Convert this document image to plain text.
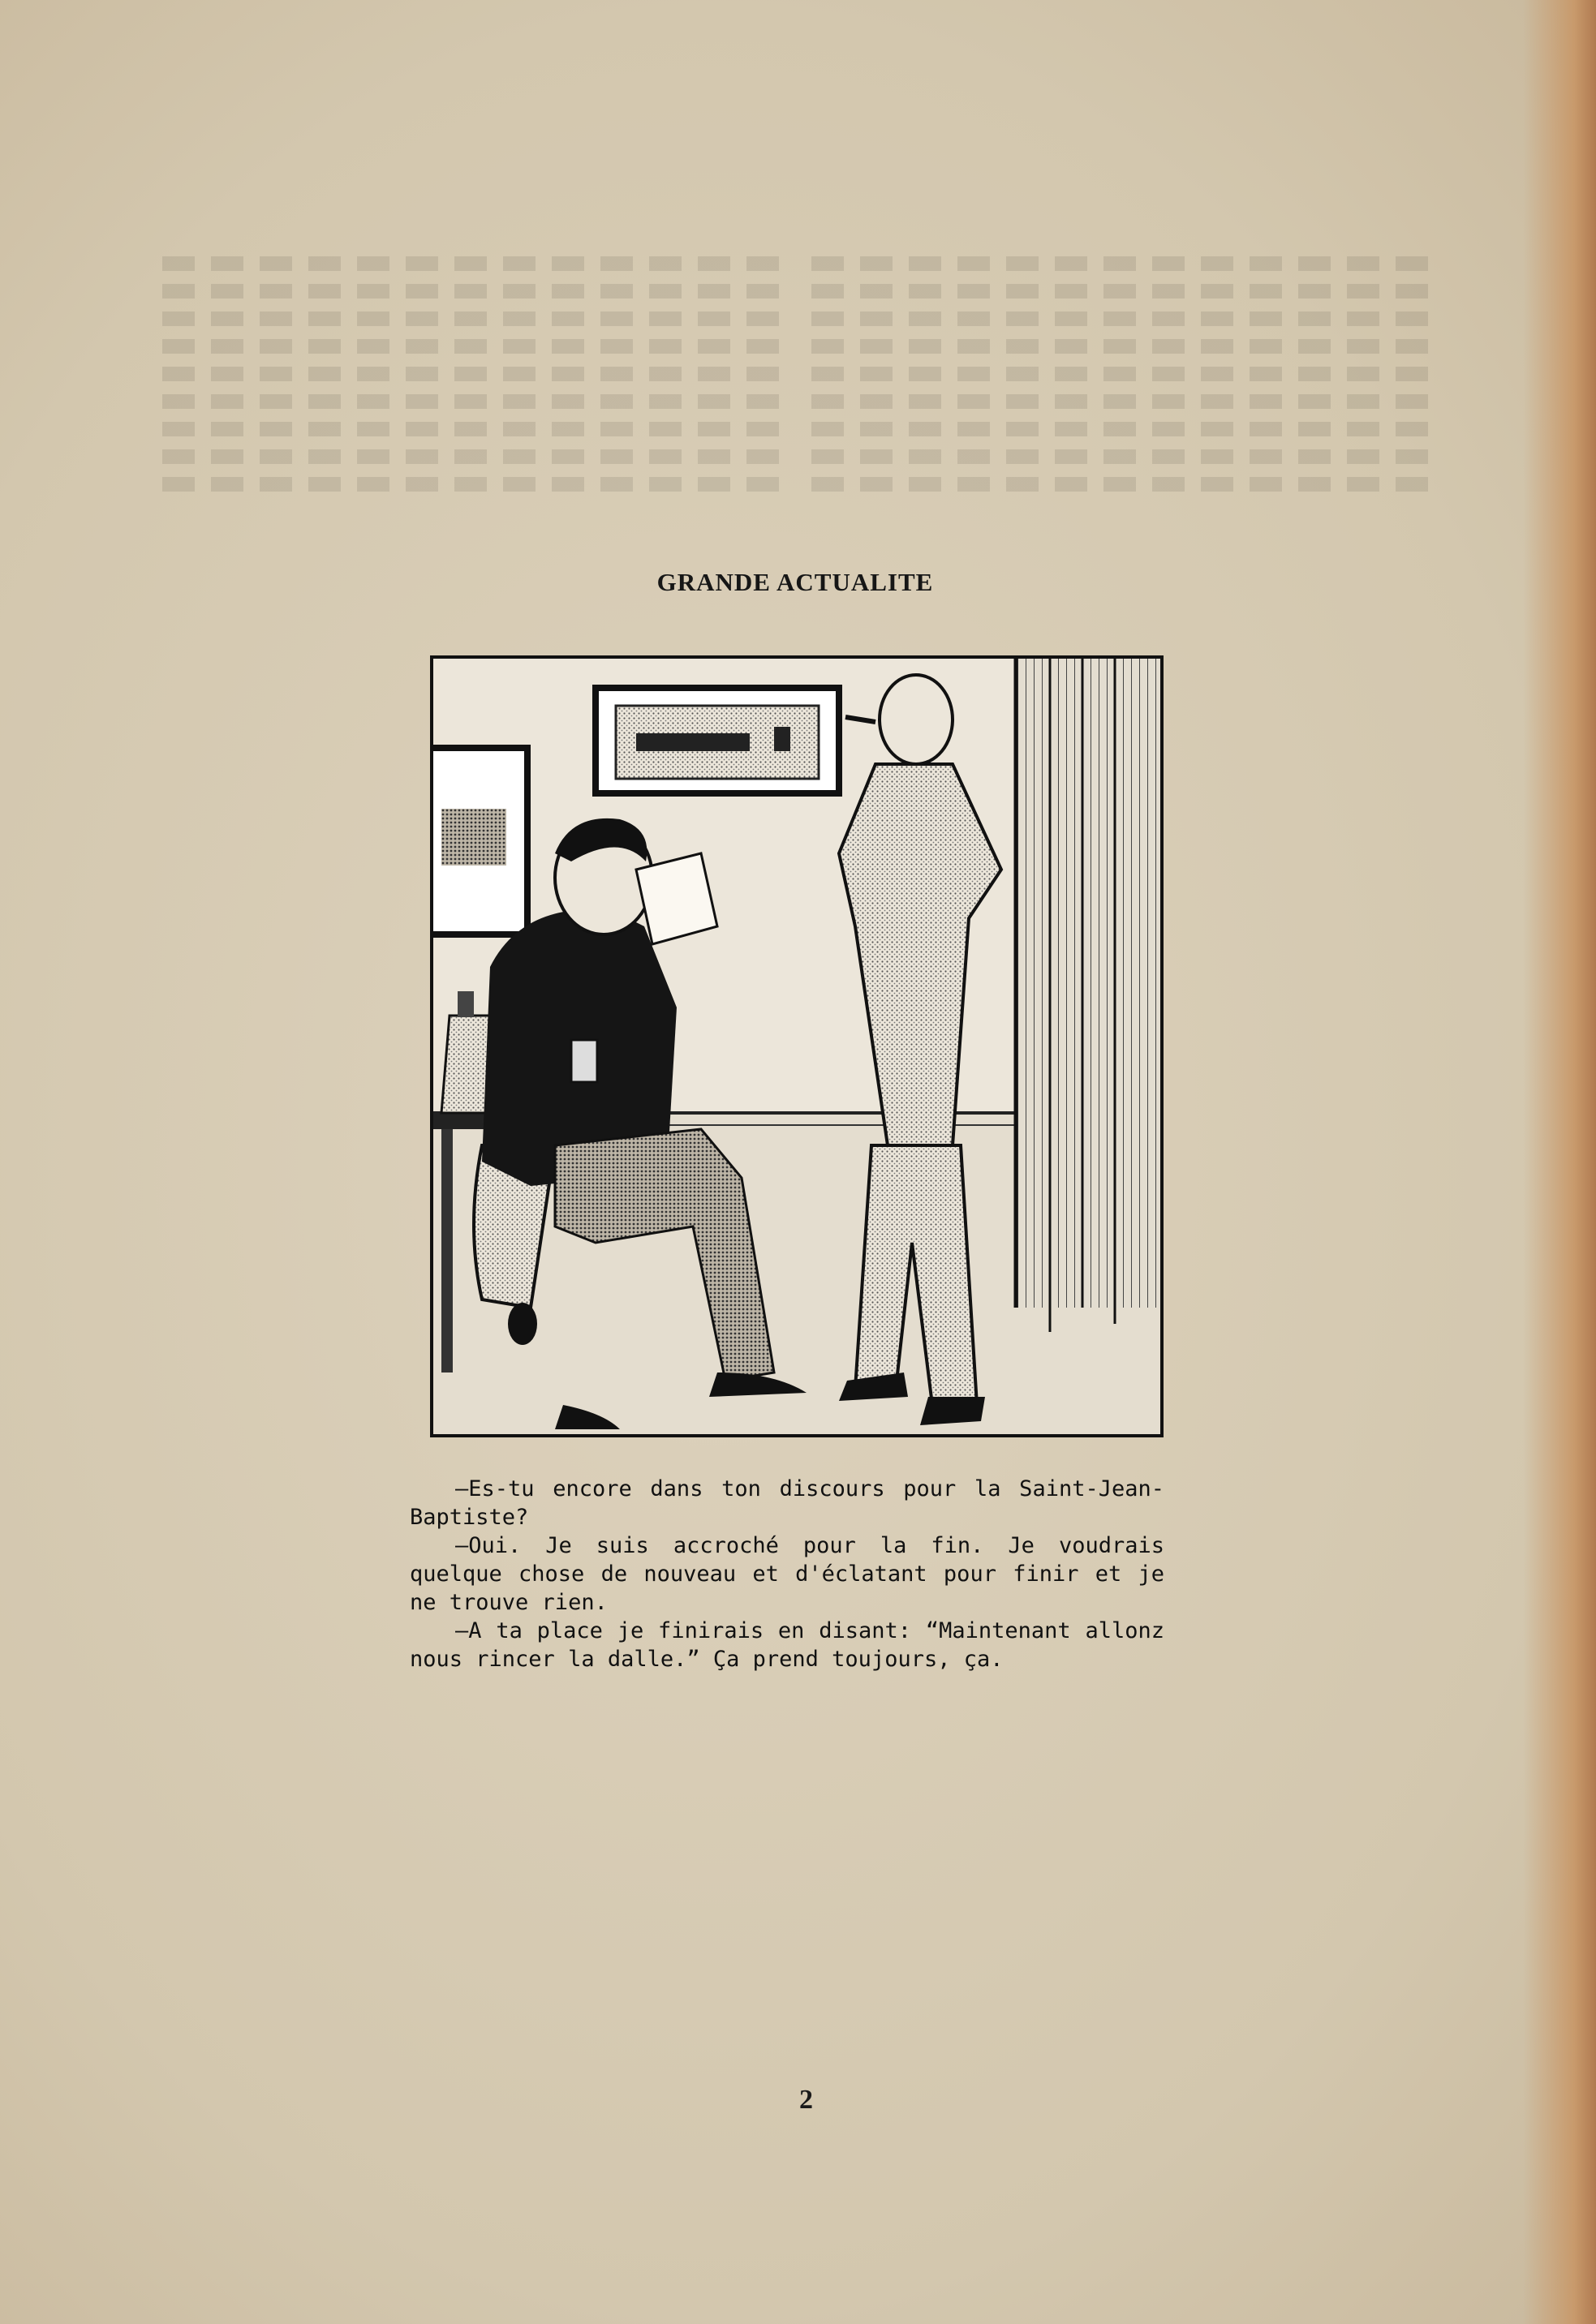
GRANDE ACTUALITE

—Es-tu encore dans ton discours pour la Saint-Jean-Baptiste?

—Oui. Je suis accroché pour la fin. Je voudrais quelque chose de nouveau et d'éclatant pour finir et je ne trouve rien.

—A ta place je finirais en disant: “Maintenant allonz nous rincer la dalle.” Ça prend toujours, ça.

2
